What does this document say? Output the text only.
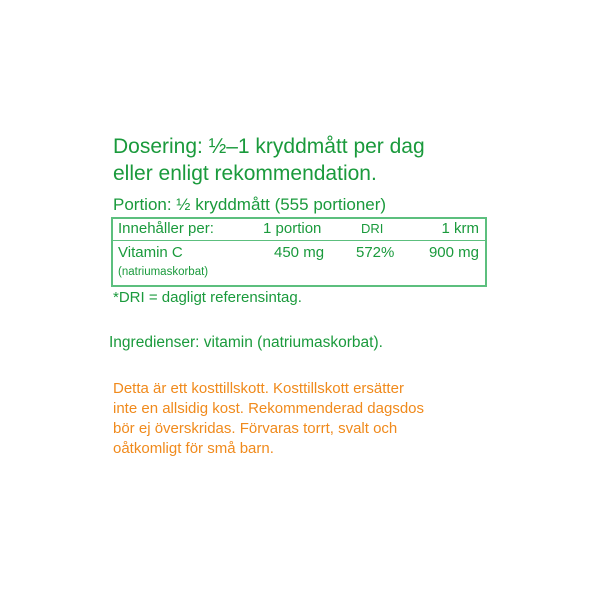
Dosering: ½–1 kryddmått per dag
eller enligt rekommendation.
Portion: ½ kryddmått (555 portioner)
Innehåller per:	1 portion	DRI	1 krm
Vitamin C	450 mg 572% 900 mg
(natriumaskorbat)
*DRI = dagligt referensintag.
Ingredienser: vitamin (natriumaskorbat).

Detta är ett kosttillskott. Kosttillskott ersätter
inte en allsidig kost. Rekommenderad dagsdos
bör ej överskridas. Förvaras torrt, svalt och
oåtkomligt för små barn.
